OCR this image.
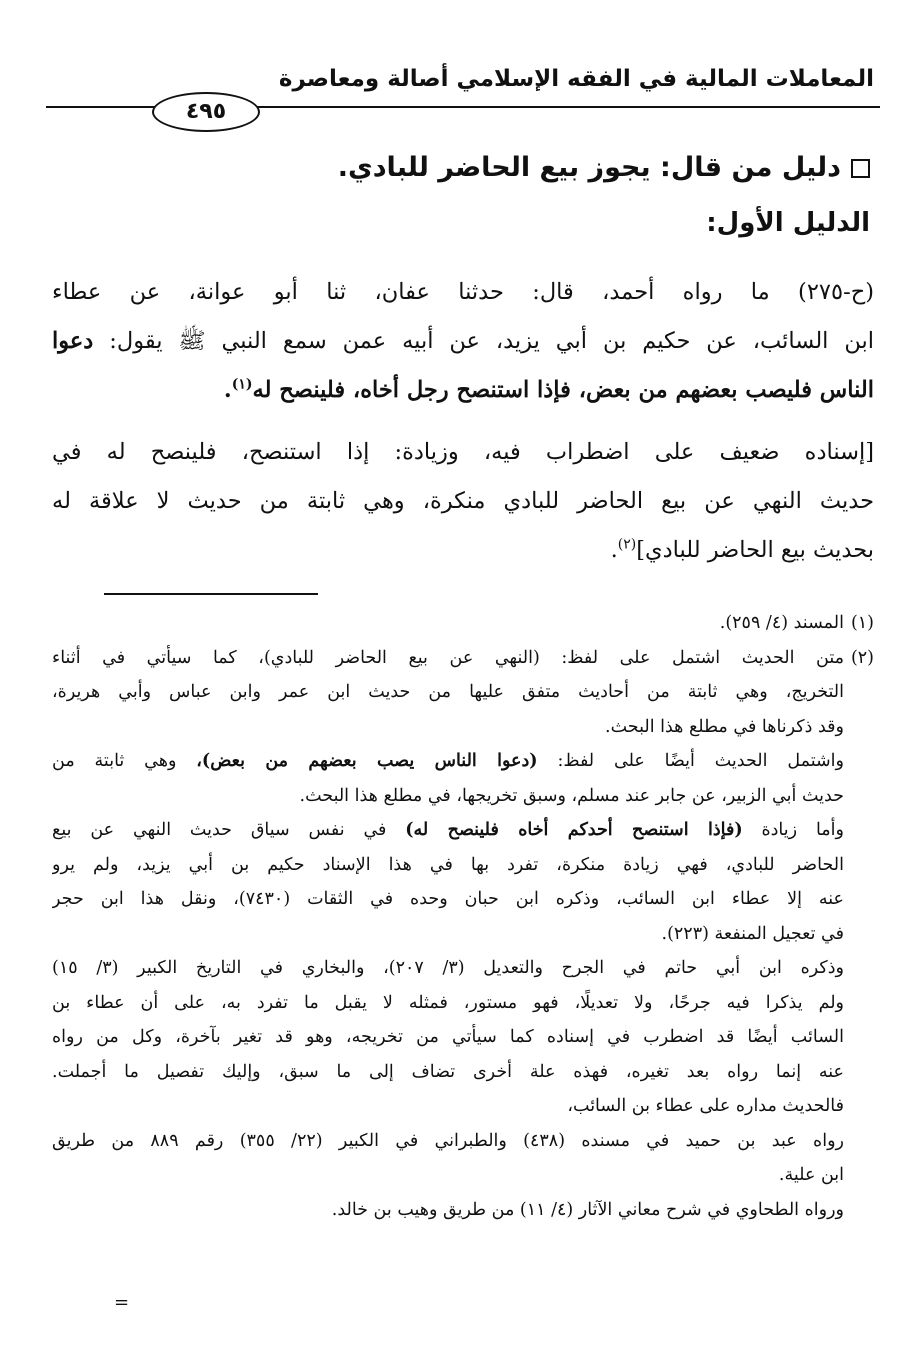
المعاملات المالية في الفقه الإسلامي أصالة ومعاصرة
٤٩٥
دليل من قال: يجوز بيع الحاضر للبادي.
الدليل الأول:
(ح-٢٧٥) ما رواه أحمد، قال: حدثنا عفان، ثنا أبو عوانة، عن عطاء
ابن السائب، عن حكيم بن أبي يزيد، عن أبيه عمن سمع النبي ﷺ يقول: دعوا
الناس فليصب بعضهم من بعض، فإذا استنصح رجل أخاه، فلينصح له$^{(١)}$.
[إسناده ضعيف على اضطراب فيه، وزيادة: إذا استنصح، فلينصح له في
حديث النهي عن بيع الحاضر للبادي منكرة، وهي ثابتة من حديث لا علاقة له
بحديث بيع الحاضر للبادي]$^{(٢)}$.
(١)المسند (٤/ ٢٥٩).
(٢)متن الحديث اشتمل على لفظ: (النهي عن بيع الحاضر للبادي)، كما سيأتي في أثناء
التخريج، وهي ثابتة من أحاديث متفق عليها من حديث ابن عمر وابن عباس وأبي هريرة،
وقد ذكرناها في مطلع هذا البحث.
واشتمل الحديث أيضًا على لفظ: (دعوا الناس يصب بعضهم من بعض)، وهي ثابتة من
حديث أبي الزبير، عن جابر عند مسلم، وسبق تخريجها، في مطلع هذا البحث.
وأما زيادة (فإذا استنصح أحدكم أخاه فلينصح له) في نفس سياق حديث النهي عن بيع
الحاضر للبادي، فهي زيادة منكرة، تفرد بها في هذا الإسناد حكيم بن أبي يزيد، ولم يرو
عنه إلا عطاء ابن السائب، وذكره ابن حبان وحده في الثقات (٧٤٣٠)، ونقل هذا ابن حجر
في تعجيل المنفعة (٢٢٣).
وذكره ابن أبي حاتم في الجرح والتعديل (٣/ ٢٠٧)، والبخاري في التاريخ الكبير (٣/ ١٥)
ولم يذكرا فيه جرحًا، ولا تعديلًا، فهو مستور، فمثله لا يقبل ما تفرد به، على أن عطاء بن
السائب أيضًا قد اضطرب في إسناده كما سيأتي من تخريجه، وهو قد تغير بآخرة، وكل من رواه
عنه إنما رواه بعد تغيره، فهذه علة أخرى تضاف إلى ما سبق، وإليك تفصيل ما أجملت.
فالحديث مداره على عطاء بن السائب،
رواه عبد بن حميد في مسنده (٤٣٨) والطبراني في الكبير (٢٢/ ٣٥٥) رقم ٨٨٩ من طريق
ابن علية.
ورواه الطحاوي في شرح معاني الآثار (٤/ ١١) من طريق وهيب بن خالد.
=
